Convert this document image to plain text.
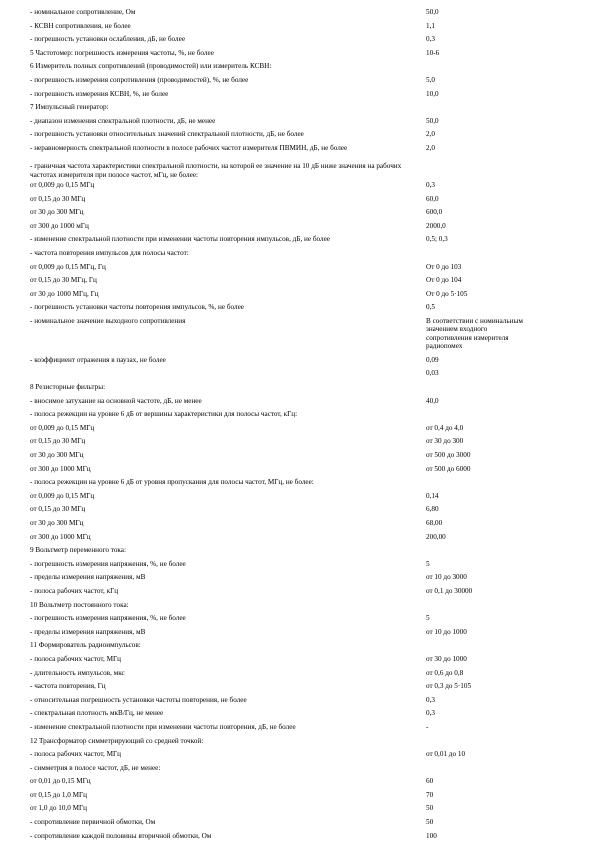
- номинальное сопротивление, Ом	50,0
- КСВН сопротивления, не более	1,1
- погрешность установки ослабления, дБ, не более	0,3
5 Частотомер: погрешность измерения частоты, %, не более	10-6
6 Измеритель полных сопротивлений (проводимостей) или измеритель КСВН:
- погрешность измерения сопротивления (проводимостей), %, не более	5,0
- погрешность измерения КСВН, %, не более	10,0
7 Импульсный генератор:
- диапазон изменения спектральной плотности, дБ, не менее	50,0
- погрешность установки относительных значений спектральной плотности, дБ, не более	2,0
- неравномерность спектральной плотности в полосе рабочих частот измерителя ПВМИН, дБ, не более	2,0
- граничная частота характеристики спектральной плотности, на которой ее значение на 10 дБ ниже значения на рабочих частотах измерителя при полосе частот, мГц, не более:
от 0,009 до 0,15 МГц	0,3
от 0,15 до 30 МГц	60,0
от 30 до 300 МГц	600,0
от 300 до 1000 мГц	2000,0
- изменение спектральной плотности при изменении частоты повторения импульсов, дБ, не более	0,5; 0,3
- частота повторения импульсов для полосы частот:
от 0,009 до 0,15 МГц, Гц	От 0 до 103
от 0,15 до 30 МГц, Гц	От 0 до 104
от 30 до 1000 МГц, Гц	От 0 до 5·105
- погрешность установки частоты повторения импульсов, %, не более	0,5
- номинальное значение выходного сопротивления	В соответствии с номинальным
значением входного
сопротивления измерителя
радиопомех
- коэффициент отражения в паузах, не более	0,09
0,03
8 Резисторные фильтры:
- вносимое затухание на основной частоте, дБ, не менее	40,0
- полоса режекции на уровне 6 дБ от вершины характеристики для полосы частот, кГц:
от 0,009 до 0,15 МГц	от 0,4 до 4,0
от 0,15 до 30 МГц	от 30 до 300
от 30 до 300 МГц	от 500 до 3000
от 300 до 1000 МГц	от 500 до 6000
- полоса режекции на уровне 6 дБ от уровня пропускания для полосы частот, МГц, не более:
от 0,009 до 0,15 МГц	0,14
от 0,15 до 30 МГц	6,80
от 30 до 300 МГц	68,00
от 300 до 1000 МГц	200,00
9 Вольтметр переменного тока:
- погрешность измерения напряжения, %, не более	5
- пределы измерения напряжения, мВ	от 10 до 3000
- полоса рабочих частот, кГц	от 0,1 до 30000
10 Вольтметр постоянного тока:
- погрешность измерения напряжения, %, не более	5
- пределы измерения напряжения, мВ	от 10 до 1000
11 Формирователь радиоимпульсов:
- полоса рабочих частот, МГц	от 30 до 1000
- длительность импульсов, мкс	от 0,6 до 0,8
- частота повторения, Гц	от 0,3 до 5·105
- относительная погрешность установки частоты повторения, не более	0,3
- спектральная плотность мкВ/Гц, не менее	0,3
- изменение спектральной плотности при изменении частоты повторения, дБ, не более	-
12 Трансформатор симметрирующий со средней точкой:
- полоса рабочих частот, МГц	от 0,01 до 10
- симметрия в полосе частот, дБ, не менее:
от 0,01 до 0,15 МГц	60
от 0,15 до 1,0 МГц	70
от 1,0 до 10,0 МГц	50
- сопротивление первичной обмотки, Ом	50
- сопротивление каждой половины вторичной обмотки, Ом	100
